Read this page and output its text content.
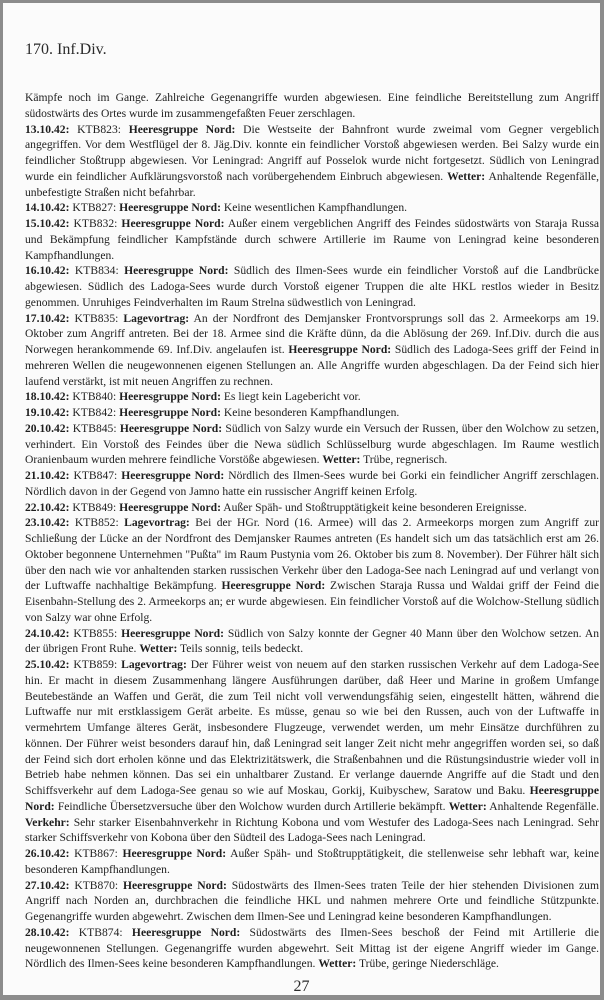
170. Inf.Div.

Kämpfe noch im Gange. Zahlreiche Gegenangriffe wurden abgewiesen. Eine feindliche Bereitstellung zum Angriff südostwärts des Ortes wurde im zusammengefaßten Feuer zerschlagen.

13.10.42: KTB823: Heeresgruppe Nord: Die Westseite der Bahnfront wurde zweimal vom Gegner vergeblich angegriffen. Vor dem Westflügel der 8. Jäg.Div. konnte ein feindlicher Vorstoß abgewiesen werden. Bei Salzy wurde ein feindlicher Stoßtrupp abgewiesen. Vor Leningrad: Angriff auf Posselok wurde nicht fortgesetzt. Südlich von Leningrad wurde ein feindlicher Aufklärungsvorstoß nach vorübergehendem Einbruch abgewiesen. Wetter: Anhaltende Regenfälle, unbefestigte Straßen nicht befahrbar.

14.10.42: KTB827: Heeresgruppe Nord: Keine wesentlichen Kampfhandlungen.

15.10.42: KTB832: Heeresgruppe Nord: Außer einem vergeblichen Angriff des Feindes südostwärts von Staraja Russa und Bekämpfung feindlicher Kampfstände durch schwere Artillerie im Raume von Leningrad keine besonderen Kampfhandlungen.

16.10.42: KTB834: Heeresgruppe Nord: Südlich des Ilmen-Sees wurde ein feindlicher Vorstoß auf die Landbrücke abgewiesen. Südlich des Ladoga-Sees wurde durch Vorstoß eigener Truppen die alte HKL restlos wieder in Besitz genommen. Unruhiges Feindverhalten im Raum Strelna südwestlich von Leningrad.

17.10.42: KTB835: Lagevortrag: An der Nordfront des Demjansker Frontvorsprungs soll das 2. Armeekorps am 19. Oktober zum Angriff antreten. Bei der 18. Armee sind die Kräfte dünn, da die Ablösung der 269. Inf.Div. durch die aus Norwegen herankommende 69. Inf.Div. angelaufen ist. Heeresgruppe Nord: Südlich des Ladoga-Sees griff der Feind in mehreren Wellen die neugewonnenen eigenen Stellungen an. Alle Angriffe wurden abgeschlagen. Da der Feind sich hier laufend verstärkt, ist mit neuen Angriffen zu rechnen.

18.10.42: KTB840: Heeresgruppe Nord: Es liegt kein Lagebericht vor.

19.10.42: KTB842: Heeresgruppe Nord: Keine besonderen Kampfhandlungen.

20.10.42: KTB845: Heeresgruppe Nord: Südlich von Salzy wurde ein Versuch der Russen, über den Wolchow zu setzen, verhindert. Ein Vorstoß des Feindes über die Newa südlich Schlüsselburg wurde abgeschlagen. Im Raume westlich Oranienbaum wurden mehrere feindliche Vorstöße abgewiesen. Wetter: Trübe, regnerisch.

21.10.42: KTB847: Heeresgruppe Nord: Nördlich des Ilmen-Sees wurde bei Gorki ein feindlicher Angriff zerschlagen. Nördlich davon in der Gegend von Jamno hatte ein russischer Angriff keinen Erfolg.

22.10.42: KTB849: Heeresgruppe Nord: Außer Späh- und Stoßtrupptätigkeit keine besonderen Ereignisse.

23.10.42: KTB852: Lagevortrag: Bei der HGr. Nord (16. Armee) will das 2. Armeekorps morgen zum Angriff zur Schließung der Lücke an der Nordfront des Demjansker Raumes antreten (Es handelt sich um das tatsächlich erst am 26. Oktober begonnene Unternehmen "Pußta" im Raum Pustynia vom 26. Oktober bis zum 8. November). Der Führer hält sich über den nach wie vor anhaltenden starken russischen Verkehr über den Ladoga-See nach Leningrad auf und verlangt von der Luftwaffe nachhaltige Bekämpfung. Heeresgruppe Nord: Zwischen Staraja Russa und Waldai griff der Feind die Eisenbahn-Stellung des 2. Armeekorps an; er wurde abgewiesen. Ein feindlicher Vorstoß auf die Wolchow-Stellung südlich von Salzy war ohne Erfolg.

24.10.42: KTB855: Heeresgruppe Nord: Südlich von Salzy konnte der Gegner 40 Mann über den Wolchow setzen. An der übrigen Front Ruhe. Wetter: Teils sonnig, teils bedeckt.

25.10.42: KTB859: Lagevortrag: Der Führer weist von neuem auf den starken russischen Verkehr auf dem Ladoga-See hin. Er macht in diesem Zusammenhang längere Ausführungen darüber, daß Heer und Marine in großem Umfange Beutebestände an Waffen und Gerät, die zum Teil nicht voll verwendungsfähig seien, eingestellt hätten, während die Luftwaffe nur mit erstklassigem Gerät arbeite. Es müsse, genau so wie bei den Russen, auch von der Luftwaffe in vermehrtem Umfange älteres Gerät, insbesondere Flugzeuge, verwendet werden, um mehr Einsätze durchführen zu können. Der Führer weist besonders darauf hin, daß Leningrad seit langer Zeit nicht mehr angegriffen worden sei, so daß der Feind sich dort erholen könne und das Elektrizitätswerk, die Straßenbahnen und die Rüstungsindustrie wieder voll in Betrieb habe nehmen können. Das sei ein unhaltbarer Zustand. Er verlange dauernde Angriffe auf die Stadt und den Schiffsverkehr auf dem Ladoga-See genau so wie auf Moskau, Gorkij, Kuibyschew, Saratow und Baku. Heeresgruppe Nord: Feindliche Übersetzversuche über den Wolchow wurden durch Artillerie bekämpft. Wetter: Anhaltende Regenfälle. Verkehr: Sehr starker Eisenbahnverkehr in Richtung Kobona und vom Westufer des Ladoga-Sees nach Leningrad. Sehr starker Schiffsverkehr von Kobona über den Südteil des Ladoga-Sees nach Leningrad.

26.10.42: KTB867: Heeresgruppe Nord: Außer Späh- und Stoßtrupptätigkeit, die stellenweise sehr lebhaft war, keine besonderen Kampfhandlungen.

27.10.42: KTB870: Heeresgruppe Nord: Südostwärts des Ilmen-Sees traten Teile der hier stehenden Divisionen zum Angriff nach Norden an, durchbrachen die feindliche HKL und nahmen mehrere Orte und feindliche Stützpunkte. Gegenangriffe wurden abgewehrt. Zwischen dem Ilmen-See und Leningrad keine besonderen Kampfhandlungen.

28.10.42: KTB874: Heeresgruppe Nord: Südostwärts des Ilmen-Sees beschoß der Feind mit Artillerie die neugewonnenen Stellungen. Gegenangriffe wurden abgewehrt. Seit Mittag ist der eigene Angriff wieder im Gange. Nördlich des Ilmen-Sees keine besonderen Kampfhandlungen. Wetter: Trübe, geringe Niederschläge.

27
